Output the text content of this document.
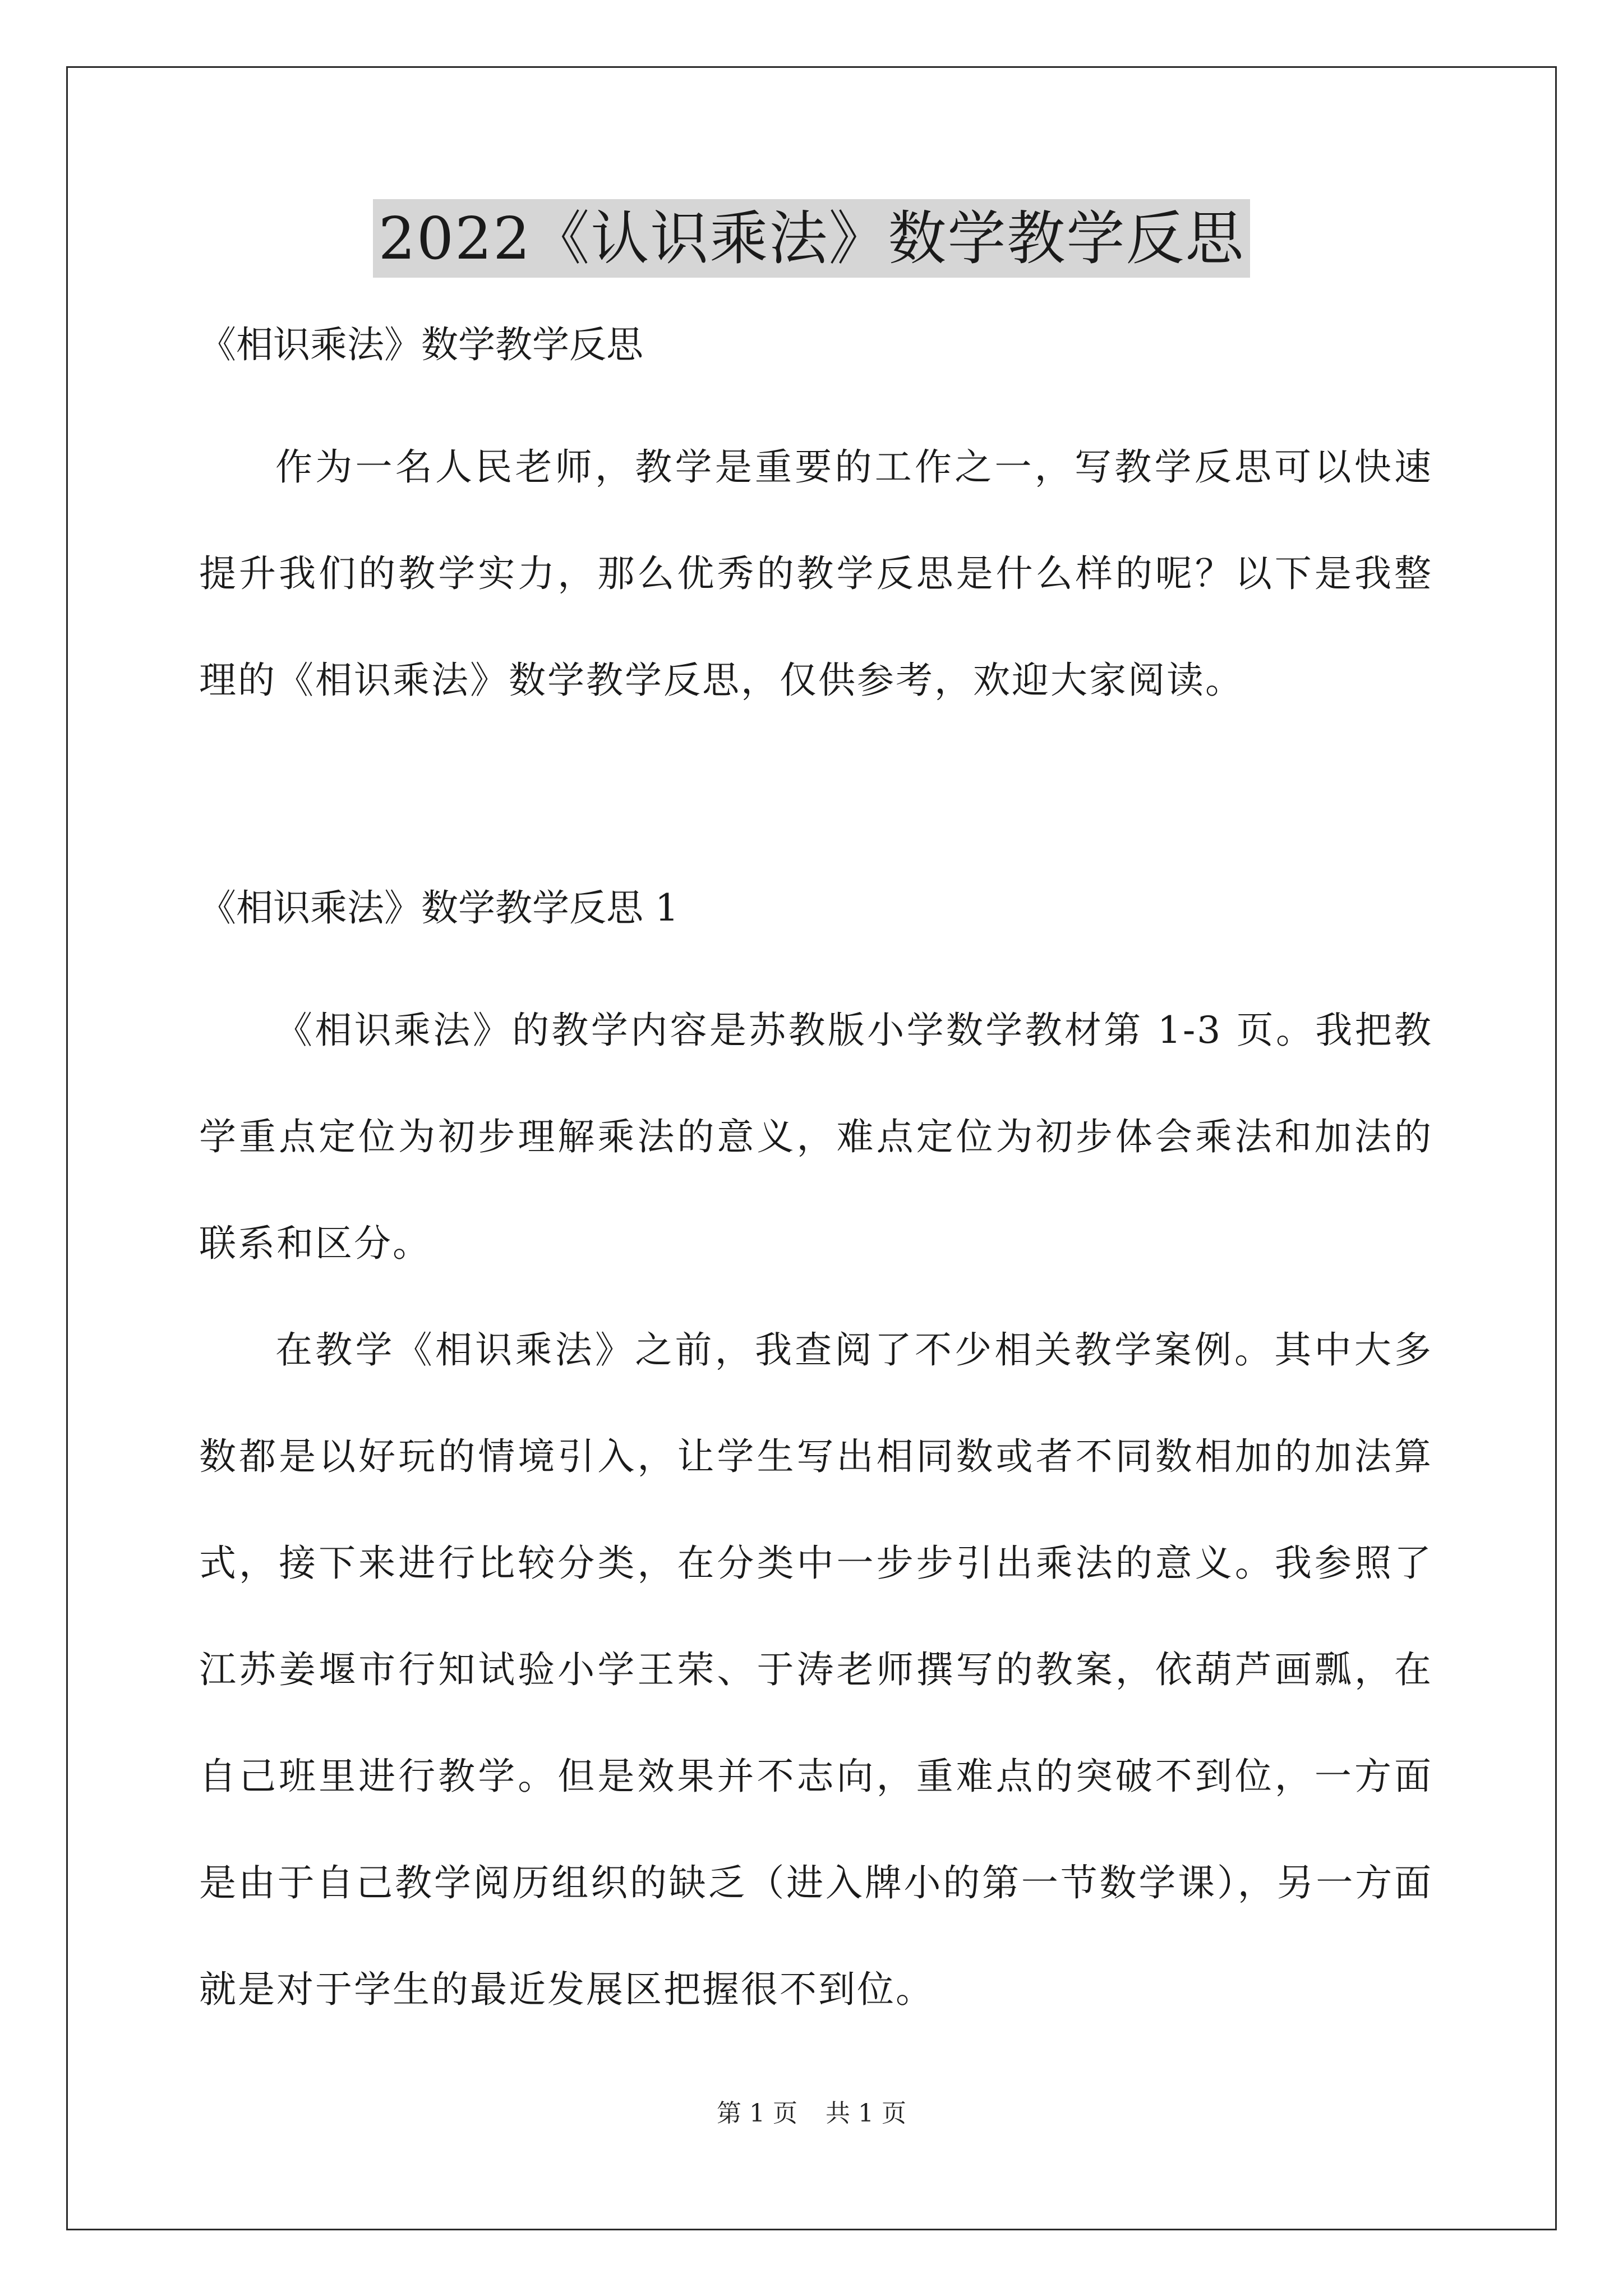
2022《认识乘法》数学教学反思

《相识乘法》数学教学反思

作为一名人民老师，教学是重要的工作之一，写教学反思可以快速提升我们的教学实力，那么优秀的教学反思是什么样的呢？以下是我整理的《相识乘法》数学教学反思，仅供参考，欢迎大家阅读。

《相识乘法》数学教学反思 1

《相识乘法》的教学内容是苏教版小学数学教材第 1-3 页。我把教学重点定位为初步理解乘法的意义，难点定位为初步体会乘法和加法的联系和区分。

在教学《相识乘法》之前，我查阅了不少相关教学案例。其中大多数都是以好玩的情境引入，让学生写出相同数或者不同数相加的加法算式，接下来进行比较分类，在分类中一步步引出乘法的意义。我参照了江苏姜堰市行知试验小学王荣、于涛老师撰写的教案，依葫芦画瓢，在自己班里进行教学。但是效果并不志向，重难点的突破不到位，一方面是由于自己教学阅历组织的缺乏（进入牌小的第一节数学课），另一方面就是对于学生的最近发展区把握很不到位。

第 1 页 共 1 页
